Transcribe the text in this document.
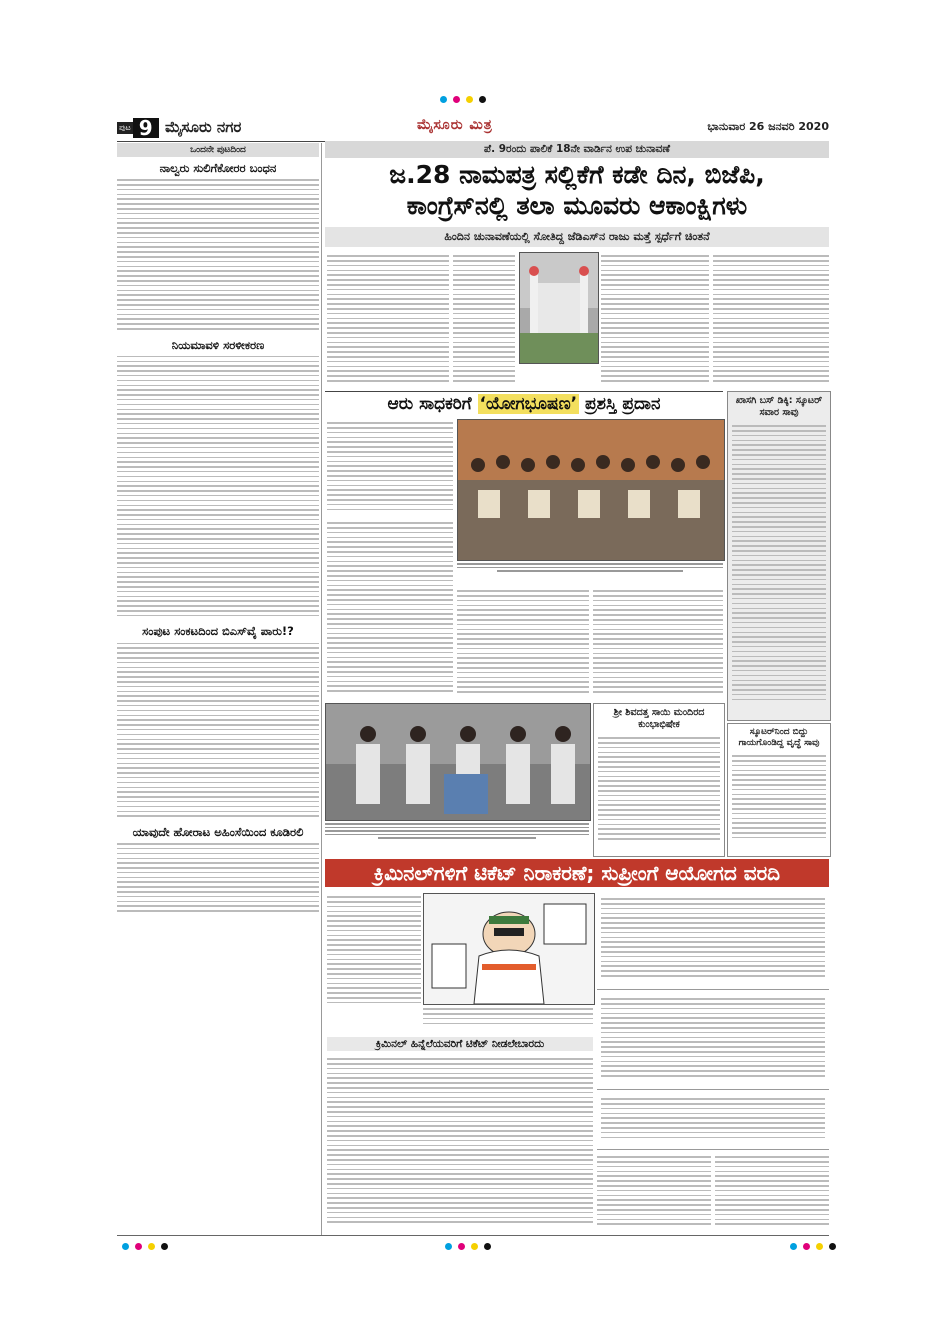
ಪುಟ 9 ಮೈಸೂರು ನಗರ	ಮೈಸೂರು ಮಿತ್ರ	ಭಾನುವಾರ 26 ಜನವರಿ 2020
ಒಂದನೇ ಪುಟದಿಂದ
ನಾಲ್ವರು ಸುಲಿಗೆಕೋರರ ಬಂಧನ
ನಿಯಮಾವಳಿ ಸರಳೀಕರಣ
ಸಂಪುಟ ಸಂಕಟದಿಂದ ಬಿಎಸ್‌ವೈ ಪಾರು!?
ಯಾವುದೇ ಹೋರಾಟ ಅಹಿಂಸೆಯಿಂದ ಕೂಡಿರಲಿ
ಪೆ. 9ರಂದು ಪಾಲಿಕೆ 18ನೇ ವಾರ್ಡಿನ ಉಪ ಚುನಾವಣೆ
ಜ.28 ನಾಮಪತ್ರ ಸಲ್ಲಿಕೆಗೆ ಕಡೇ ದಿನ, ಬಿಜೆಪಿ,
ಕಾಂಗ್ರೆಸ್‌ನಲ್ಲಿ ತಲಾ ಮೂವರು ಆಕಾಂಕ್ಷಿಗಳು
ಹಿಂದಿನ ಚುನಾವಣೆಯಲ್ಲಿ ಸೋತಿದ್ದ ಜೆಡಿಎಸ್‌ನ ರಾಜು ಮತ್ತೆ ಸ್ಪರ್ಧೆಗೆ ಚಿಂತನೆ
ಆರು ಸಾಧಕರಿಗೆ ‘ಯೋಗಭೂಷಣ’ ಪ್ರಶಸ್ತಿ ಪ್ರದಾನ	ಖಾಸಗಿ ಬಸ್ ಡಿಕ್ಕಿ: ಸ್ಕೂಟರ್ ಸವಾರ ಸಾವು
ಶ್ರೀ ಶಿವದತ್ತ ಸಾಯಿ ಮಂದಿರದ ಕುಂಭಾಭಿಷೇಕ
ಸ್ಕೂಟರ್‌ನಿಂದ ಬಿದ್ದು ಗಾಯಗೊಂಡಿದ್ದ ವೃದ್ಧೆ ಸಾವು
ಕ್ರಿಮಿನಲ್‌ಗಳಿಗೆ ಟಿಕೆಟ್ ನಿರಾಕರಣೆ; ಸುಪ್ರೀಂಗೆ ಆಯೋಗದ ವರದಿ
ಕ್ರಿಮಿನಲ್ ಹಿನ್ನೆಲೆಯವರಿಗೆ ಟಿಕೆಟ್ ನೀಡಲೇಬಾರದು
